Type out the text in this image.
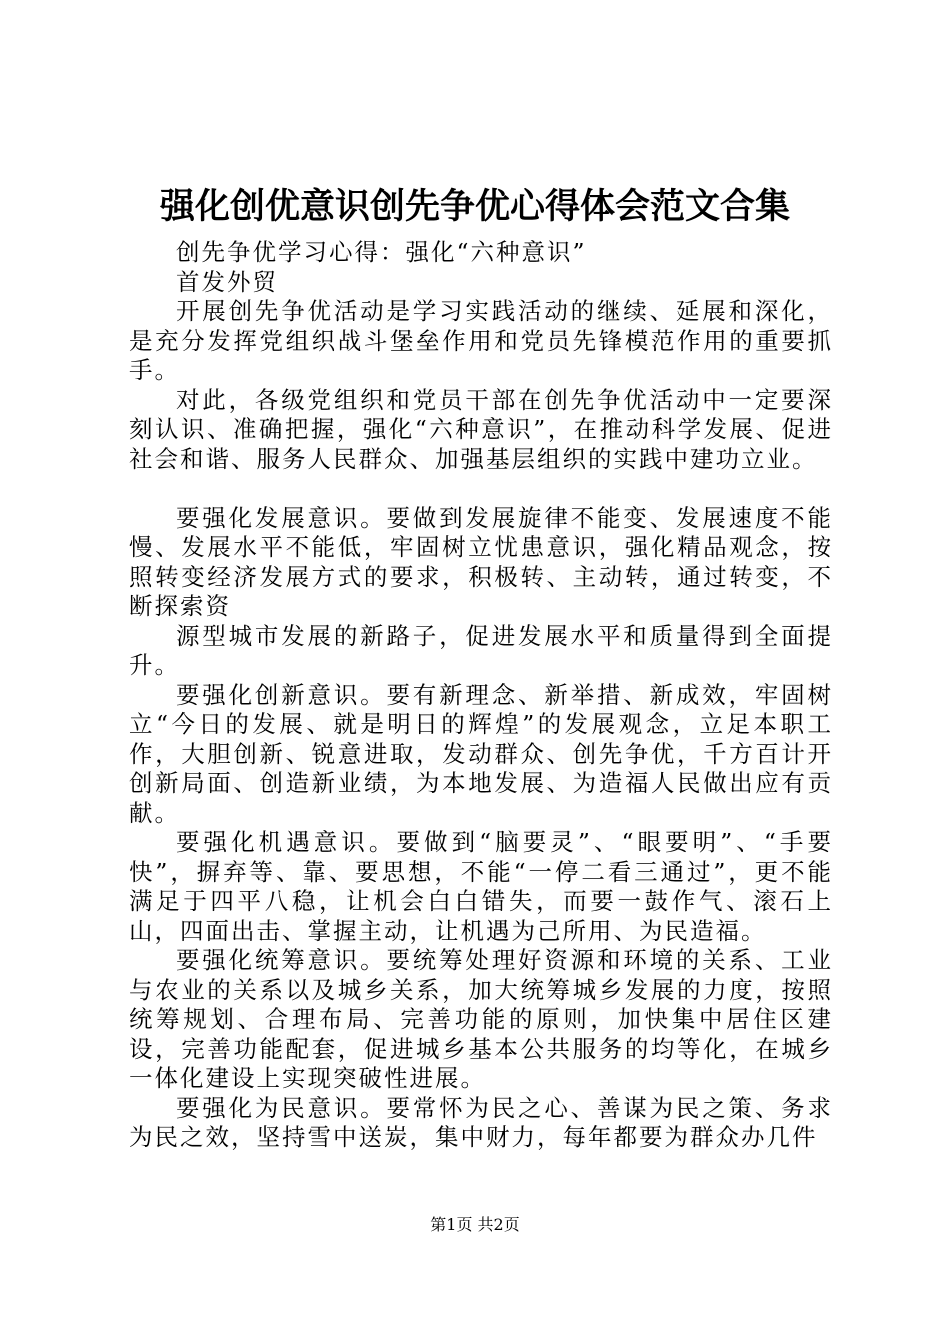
强化创优意识创先争优心得体会范文合集

创先争优学习心得：强化“六种意识”

首发外贸

开展创先争优活动是学习实践活动的继续、延展和深化，是充分发挥党组织战斗堡垒作用和党员先锋模范作用的重要抓手。

对此，各级党组织和党员干部在创先争优活动中一定要深刻认识、准确把握，强化“六种意识”，在推动科学发展、促进社会和谐、服务人民群众、加强基层组织的实践中建功立业。

要强化发展意识。要做到发展旋律不能变、发展速度不能慢、发展水平不能低，牢固树立忧患意识，强化精品观念，按照转变经济发展方式的要求，积极转、主动转，通过转变，不断探索资

源型城市发展的新路子，促进发展水平和质量得到全面提升。

要强化创新意识。要有新理念、新举措、新成效，牢固树立“今日的发展、就是明日的辉煌”的发展观念，立足本职工作，大胆创新、锐意进取，发动群众、创先争优，千方百计开创新局面、创造新业绩，为本地发展、为造福人民做出应有贡献。

要强化机遇意识。要做到“脑要灵”、“眼要明”、“手要快”，摒弃等、靠、要思想，不能“一停二看三通过”，更不能满足于四平八稳，让机会白白错失，而要一鼓作气、滚石上山，四面出击、掌握主动，让机遇为己所用、为民造福。

要强化统筹意识。要统筹处理好资源和环境的关系、工业与农业的关系以及城乡关系，加大统筹城乡发展的力度，按照统筹规划、合理布局、完善功能的原则，加快集中居住区建设，完善功能配套，促进城乡基本公共服务的均等化，在城乡一体化建设上实现突破性进展。

要强化为民意识。要常怀为民之心、善谋为民之策、务求为民之效，坚持雪中送炭，集中财力，每年都要为群众办几件

第1页 共2页
